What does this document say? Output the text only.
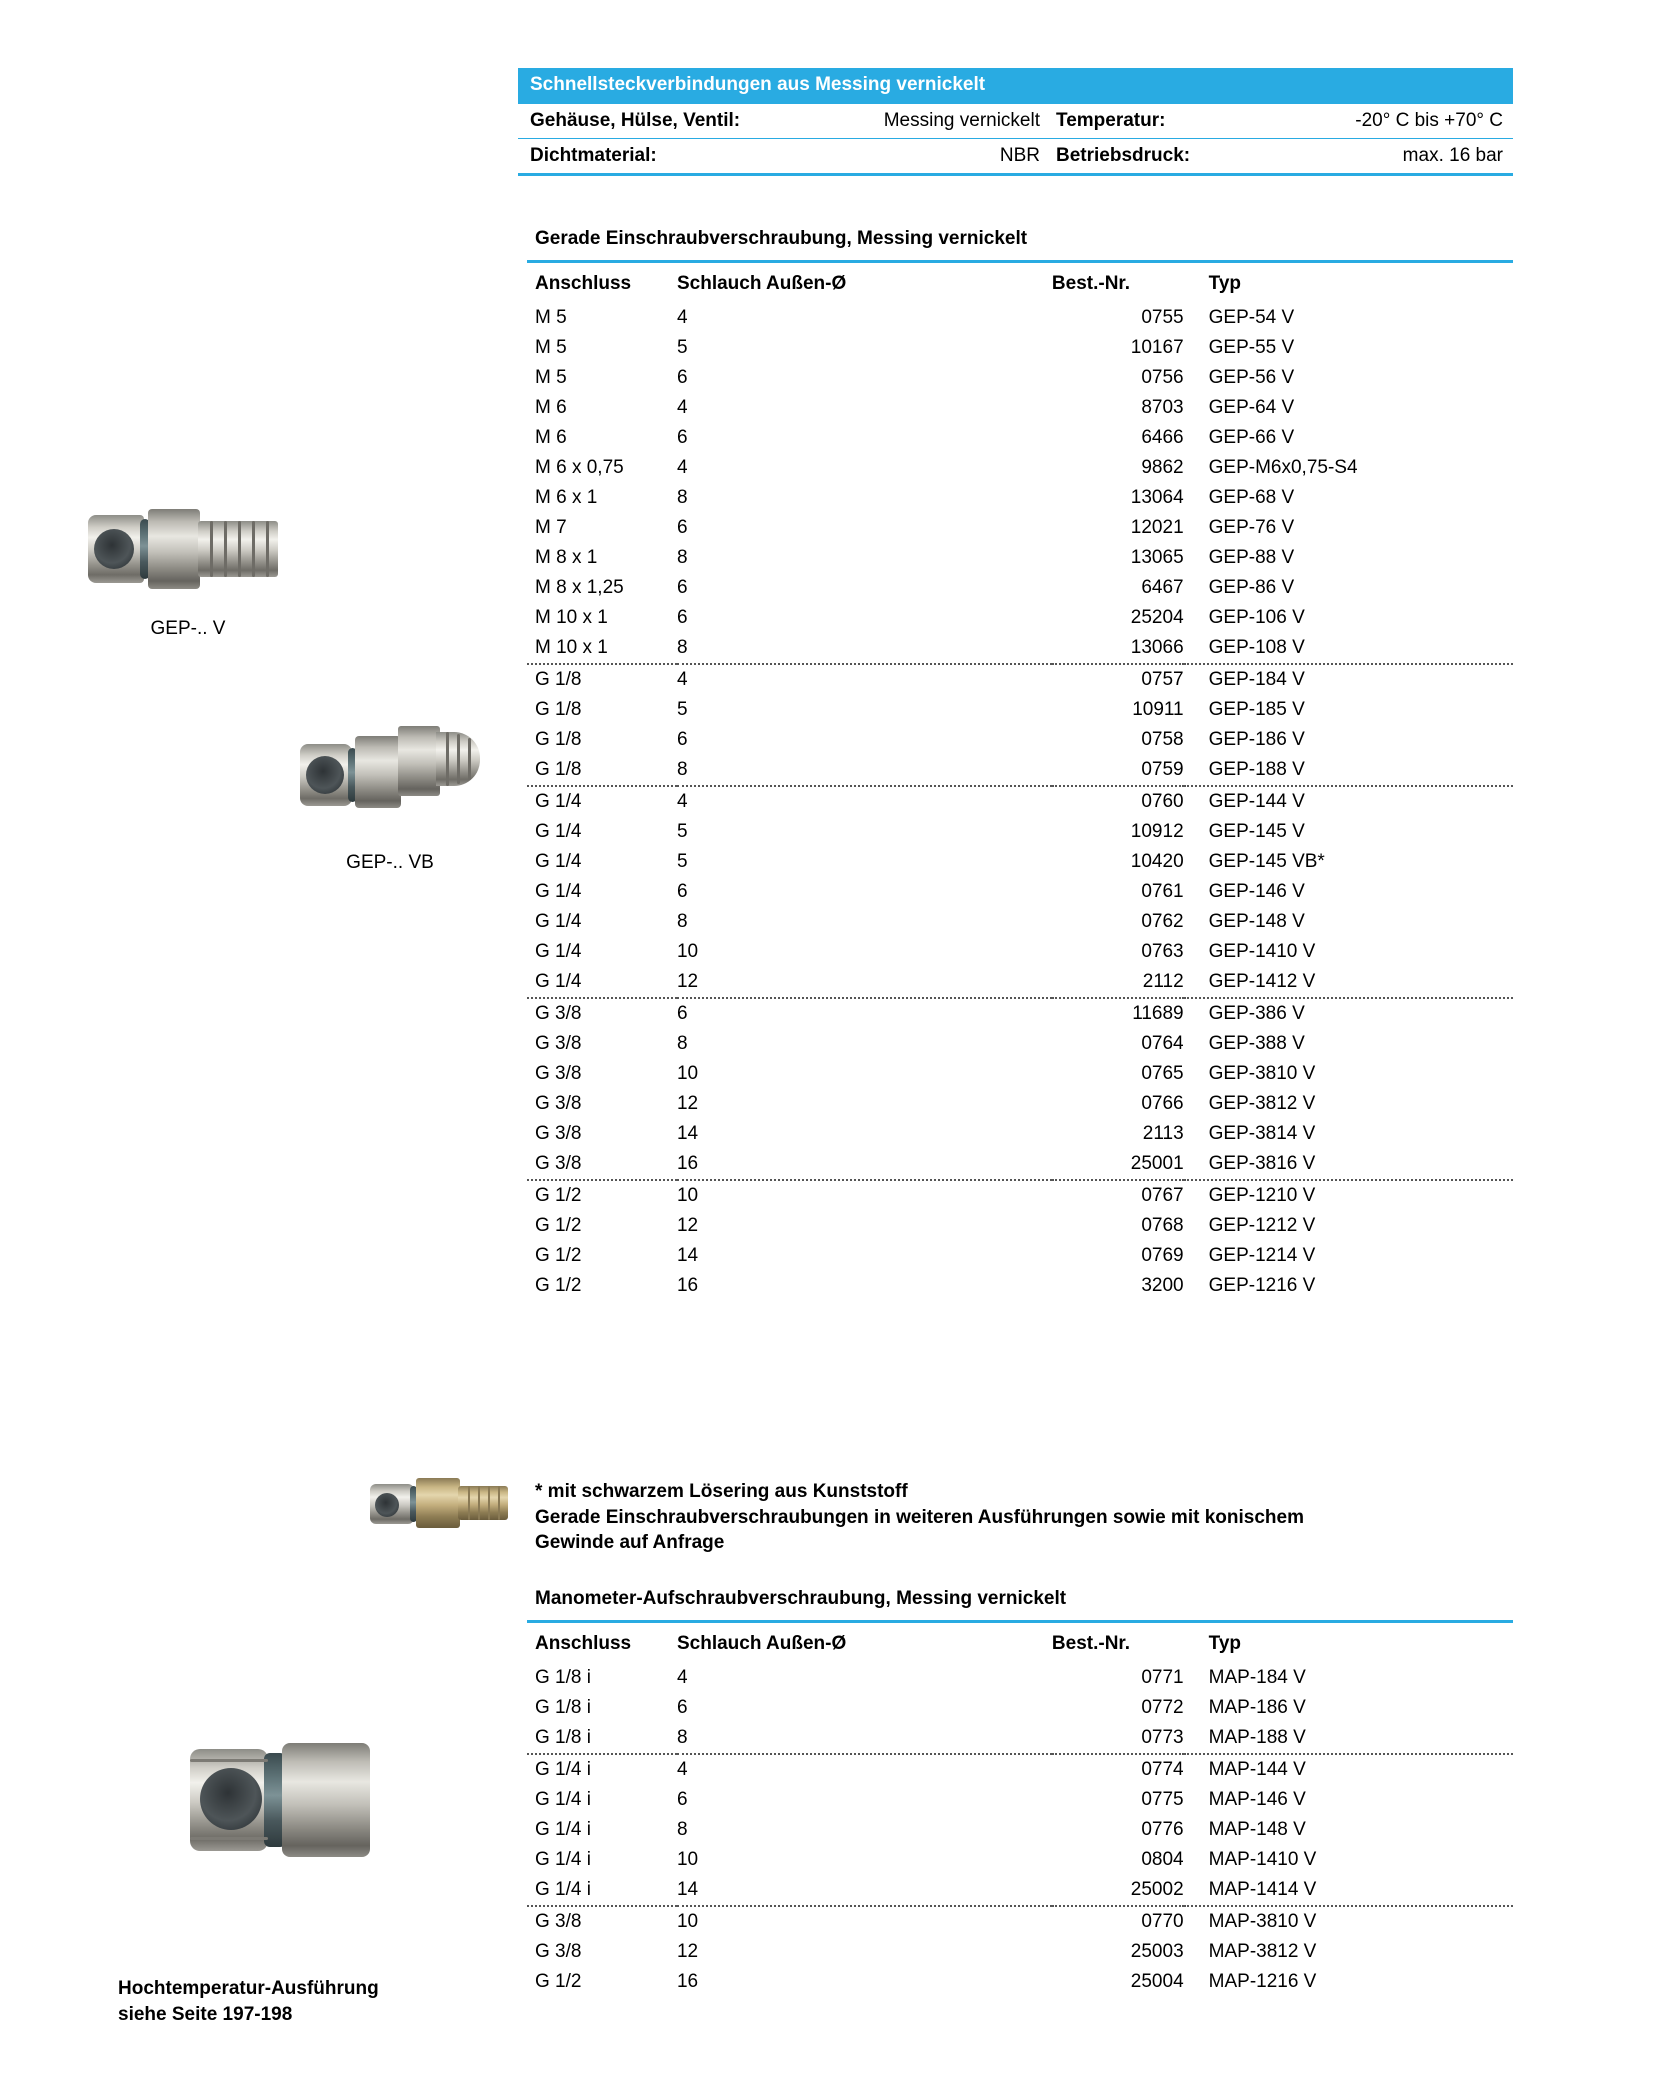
Schnellsteckverbindungen aus Messing vernickelt
Gehäuse, Hülse, Ventil:	Messing vernickelt Temperatur:	-20° C bis +70° C
Dichtmaterial:	NBR Betriebsdruck:	max. 16 bar
Gerade Einschraubverschraubung, Messing vernickelt
Anschluss	Schlauch Außen-Ø	Best.-Nr.	Typ
M 5	4	0755	GEP-54 V
M 5	5	10167	GEP-55 V
M 5	6	0756	GEP-56 V
M 6	4	8703	GEP-64 V
M 6	6	6466	GEP-66 V
M 6 x 0,75	4	9862	GEP-M6x0,75-S4
M 6 x 1	8	13064	GEP-68 V
M 7	6	12021	GEP-76 V
M 8 x 1	8	13065	GEP-88 V
M 8 x 1,25	6	6467	GEP-86 V
M 10 x 1	6	25204	GEP-106 V
M 10 x 1	8	13066	GEP-108 V
G 1/8	4	0757	GEP-184 V
G 1/8	5	10911	GEP-185 V
G 1/8	6	0758	GEP-186 V
G 1/8	8	0759	GEP-188 V
G 1/4	4	0760	GEP-144 V
G 1/4	5	10912	GEP-145 V
G 1/4	5	10420	GEP-145 VB*
G 1/4	6	0761	GEP-146 V
G 1/4	8	0762	GEP-148 V
G 1/4	10	0763	GEP-1410 V
G 1/4	12	2112	GEP-1412 V
G 3/8	6	11689	GEP-386 V
G 3/8	8	0764	GEP-388 V
G 3/8	10	0765	GEP-3810 V
G 3/8	12	0766	GEP-3812 V
G 3/8	14	2113	GEP-3814 V
G 3/8	16	25001	GEP-3816 V
G 1/2	10	0767	GEP-1210 V
G 1/2	12	0768	GEP-1212 V
G 1/2	14	0769	GEP-1214 V
G 1/2	16	3200	GEP-1216 V
* mit schwarzem Lösering aus Kunststoff
Gerade Einschraubverschraubungen in weiteren Ausführungen sowie mit konischem
Gewinde auf Anfrage
Manometer-Aufschraubverschraubung, Messing vernickelt
Anschluss	Schlauch Außen-Ø	Best.-Nr.	Typ
G 1/8 i	4	0771	MAP-184 V
G 1/8 i	6	0772	MAP-186 V
G 1/8 i	8	0773	MAP-188 V
G 1/4 i	4	0774	MAP-144 V
G 1/4 i	6	0775	MAP-146 V
G 1/4 i	8	0776	MAP-148 V
G 1/4 i	10	0804	MAP-1410 V
G 1/4 i	14	25002	MAP-1414 V
G 3/8	10	0770	MAP-3810 V
G 3/8	12	25003	MAP-3812 V
G 1/2	16	25004	MAP-1216 V
GEP-.. V
GEP-.. VB
Hochtemperatur-Ausführung
siehe Seite 197-198
